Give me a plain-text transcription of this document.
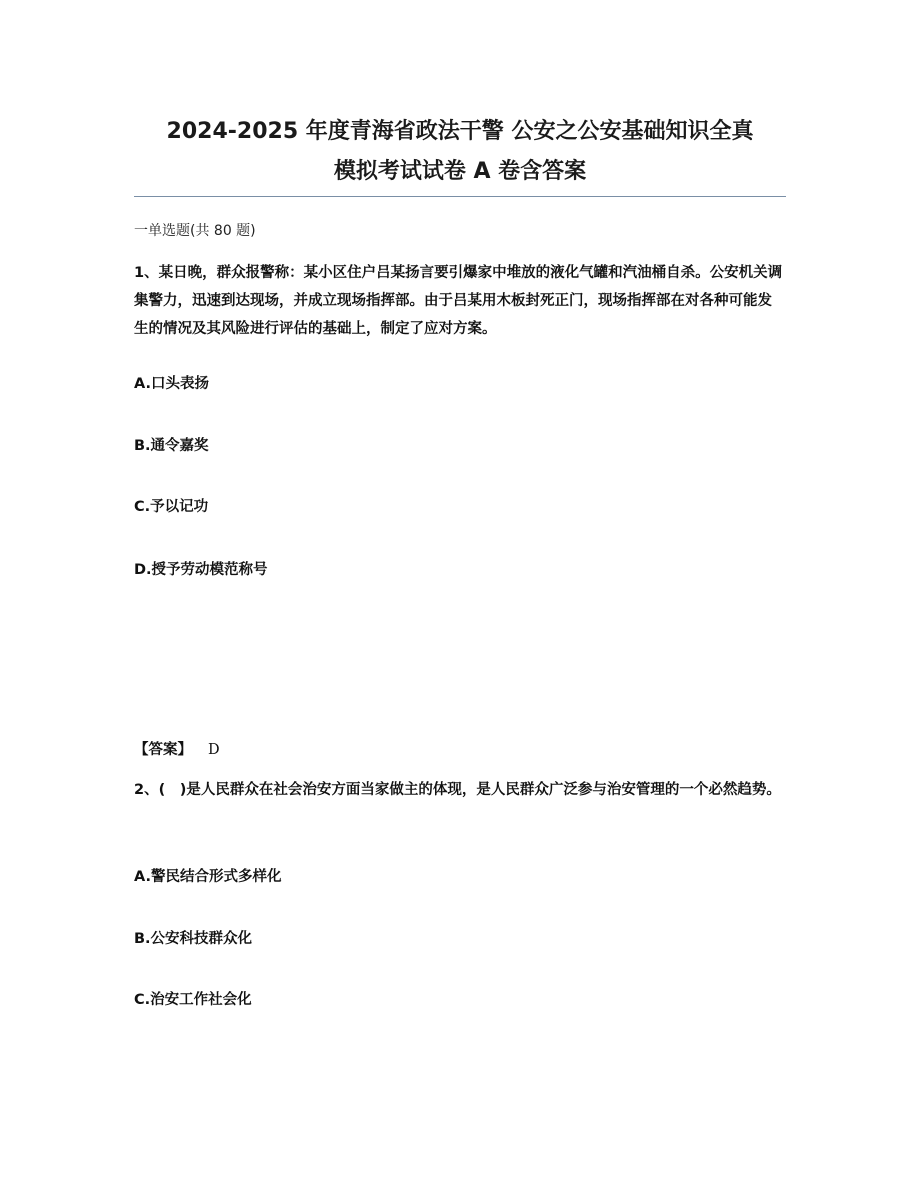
2024-2025 年度青海省政法干警 公安之公安基础知识全真
模拟考试试卷 A 卷含答案
一单选题(共 80 题)
1、某日晚，群众报警称：某小区住户吕某扬言要引爆家中堆放的液化气罐和汽油桶自杀。公安机关调集警力，迅速到达现场，并成立现场指挥部。由于吕某用木板封死正门，现场指挥部在对各种可能发生的情况及其风险进行评估的基础上，制定了应对方案。
A.口头表扬
B.通令嘉奖
C.予以记功
D.授予劳动模范称号
【答案】 D
2、(　)是人民群众在社会治安方面当家做主的体现，是人民群众广泛参与治安管理的一个必然趋势。
A.警民结合形式多样化
B.公安科技群众化
C.治安工作社会化
